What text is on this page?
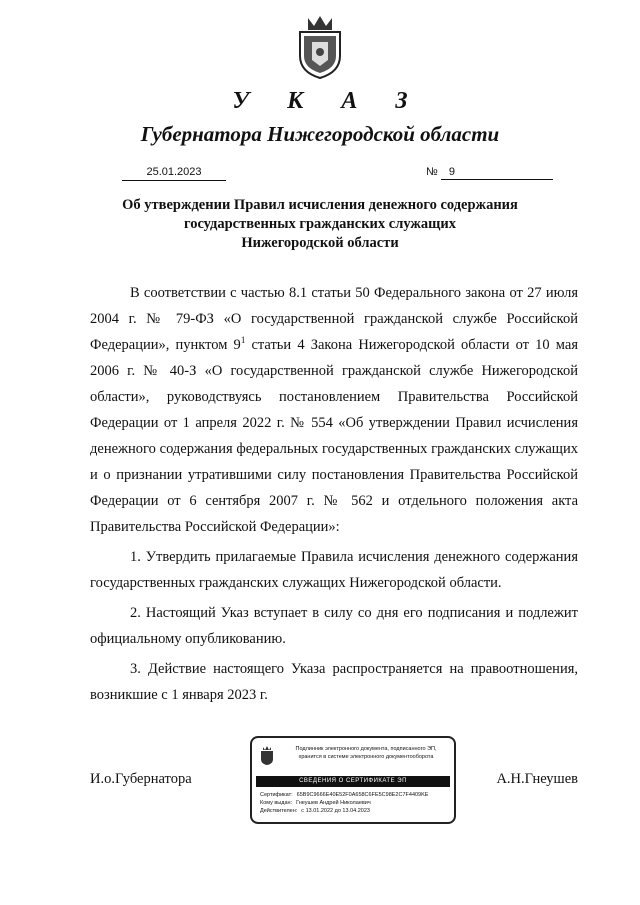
У К А З
Губернатора Нижегородской области
25.01.2023	№ 9
Об утверждении Правил исчисления денежного содержания
государственных гражданских служащих
Нижегородской области

В соответствии с частью 8.1 статьи 50 Федерального закона от 27 июля 2004 г. № 79-ФЗ «О государственной гражданской службе Российской Федерации», пунктом $9^1$ статьи 4 Закона Нижегородской области от 10 мая 2006 г. № 40-З «О государственной гражданской службе Нижегородской области», руководствуясь постановлением Правительства Российской Федерации от 1 апреля 2022 г. № 554 «Об утверждении Правил исчисления денежного содержания федеральных государственных гражданских служащих и о признании утратившими силу постановления Правительства Российской Федерации от 6 сентября 2007 г. № 562 и отдельного положения акта Правительства Российской Федерации»:

1. Утвердить прилагаемые Правила исчисления денежного содержания государственных гражданских служащих Нижегородской области.

2. Настоящий Указ вступает в силу со дня его подписания и подлежит официальному опубликованию.

3. Действие настоящего Указа распространяется на правоотношения, возникшие с 1 января 2023 г.

И.о.Губернатора	А.Н.Гнеушев
Подлинник электронного документа, подписанного ЭП,
хранится в системе электронного документооборота
СВЕДЕНИЯ О СЕРТИФИКАТЕ ЭП
Сертификат: 65B9C9666E40E52F0A658C6FE5C98E2C7F4409KE
Кому выдан: Гнеушев Андрей Николаевич
Действителен: с 13.01.2022 до 13.04.2023
